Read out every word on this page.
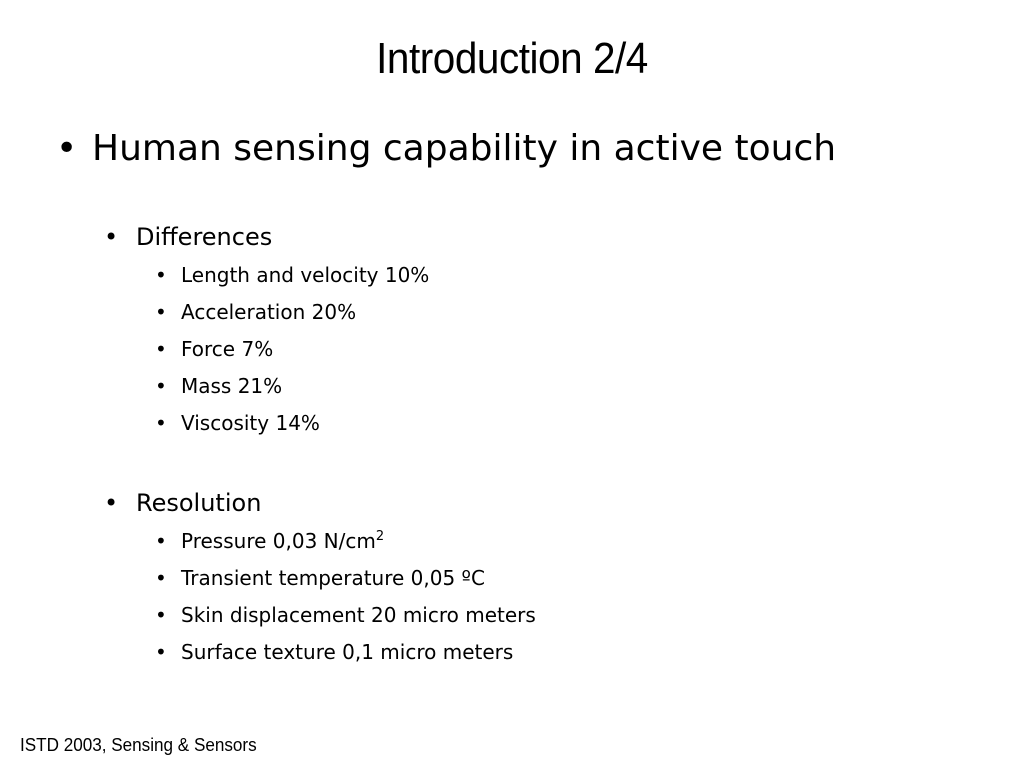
Introduction 2/4
• Human sensing capability in active touch
• Differences
• Length and velocity 10%
• Acceleration 20%
• Force 7%
• Mass 21%
• Viscosity 14%
• Resolution
• Pressure 0,03 $N/cm^2$
• Transient temperature 0,05 ºC
• Skin displacement 20 micro meters
• Surface texture 0,1 micro meters
ISTD 2003, Sensing & Sensors
